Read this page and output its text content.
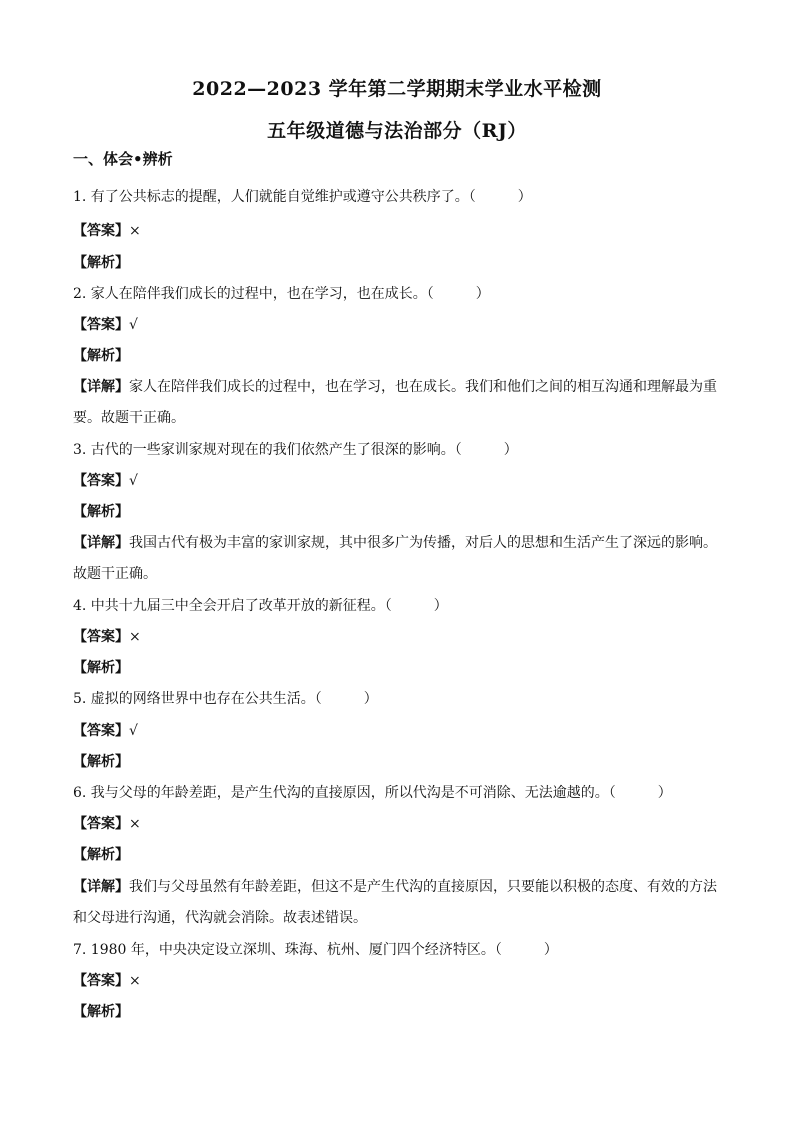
2022—2023 学年第二学期期末学业水平检测
五年级道德与法治部分（RJ）
一、体会•辨析
1. 有了公共标志的提醒，人们就能自觉维护或遵守公共秩序了。（　　　）
【答案】×
【解析】
2. 家人在陪伴我们成长的过程中，也在学习，也在成长。（　　　）
【答案】√
【解析】
【详解】家人在陪伴我们成长的过程中，也在学习，也在成长。我们和他们之间的相互沟通和理解最为重要。故题干正确。
3. 古代的一些家训家规对现在的我们依然产生了很深的影响。（　　　）
【答案】√
【解析】
【详解】我国古代有极为丰富的家训家规，其中很多广为传播，对后人的思想和生活产生了深远的影响。故题干正确。
4. 中共十九届三中全会开启了改革开放的新征程。（　　　）
【答案】×
【解析】
5. 虚拟的网络世界中也存在公共生活。（　　　）
【答案】√
【解析】
6. 我与父母的年龄差距，是产生代沟的直接原因，所以代沟是不可消除、无法逾越的。（　　　）
【答案】×
【解析】
【详解】我们与父母虽然有年龄差距，但这不是产生代沟的直接原因，只要能以积极的态度、有效的方法和父母进行沟通，代沟就会消除。故表述错误。
7. 1980 年，中央决定设立深圳、珠海、杭州、厦门四个经济特区。（　　　）
【答案】×
【解析】
